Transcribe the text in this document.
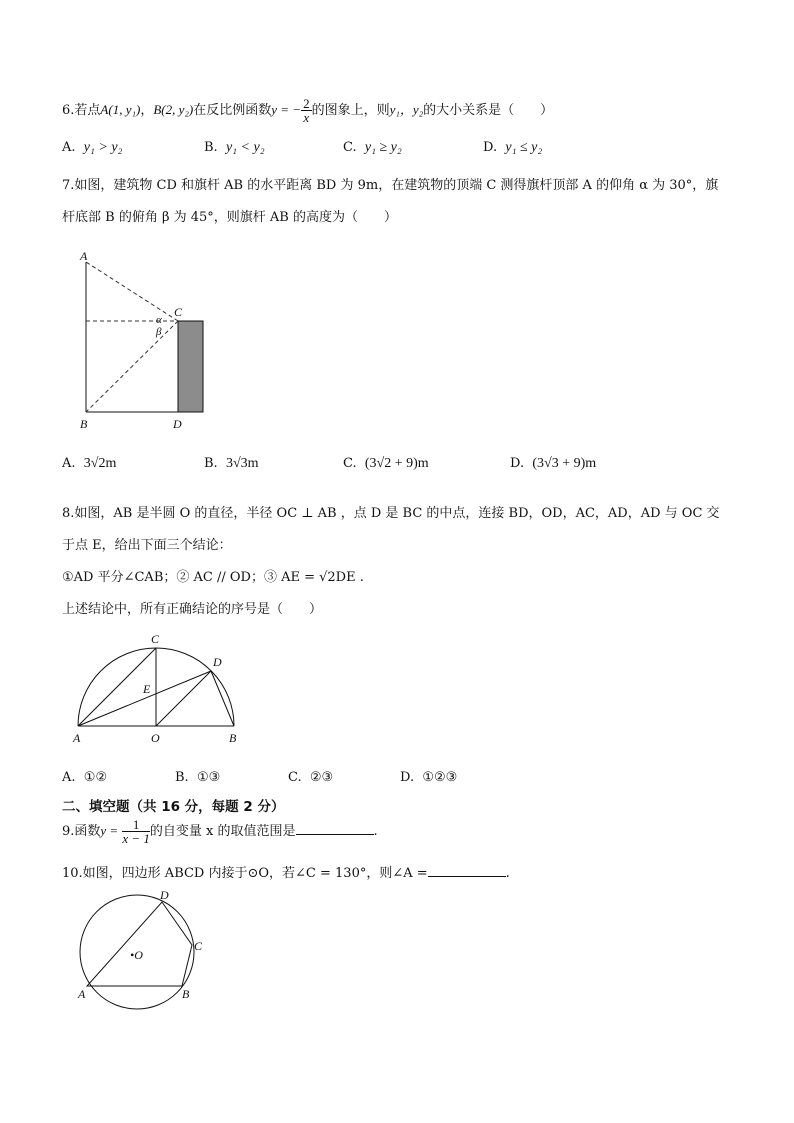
6.若点A(1, y₁)，B(2, y₂)在反比例函数y = − $\frac{2}{x}$ 的图象上，则y₁，y₂的大小关系是（　　）
A. y₁ > y₂	B. y₁ < y₂	C. y₁ ≥ y₂	D. y₁ ≤ y₂
7.如图，建筑物 CD 和旗杆 AB 的水平距离 BD 为 9m，在建筑物的顶端 C 测得旗杆顶部 A 的仰角 α 为 30°，旗
杆底部 B 的俯角 β 为 45°，则旗杆 AB 的高度为（　　）
A
B
C
D
α
β
A. 3√2m	B. 3√3m	C. (3√2 + 9)m	D. (3√3 + 9)m
8.如图，AB 是半圆 O 的直径，半径 OC ⊥ AB ，点 D 是 BC 的中点，连接 BD，OD，AC，AD，AD 与 OC 交
于点 E，给出下面三个结论：
①AD 平分∠CAB；② AC // OD；③ AE = √2DE .
上述结论中，所有正确结论的序号是（　　）
A	O	B
C
D
E
A. ①②	B. ①③	C. ②③	D. ①②③
二、填空题（共 16 分，每题 2 分）
9.函数$y = \frac{1}{x - 1}$ 的自变量 x 的取值范围是	.
10.如图，四边形 ABCD 内接于⊙O，若∠C = 130°，则∠A =	.
A	B
C
D
•O
